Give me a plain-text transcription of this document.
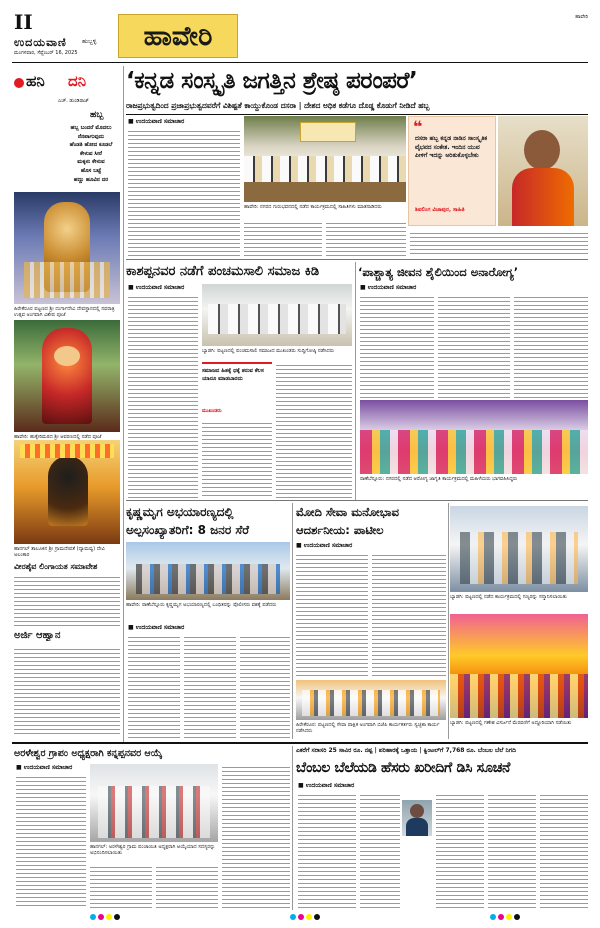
II
ಉದಯವಾಣಿ	ಹುಬ್ಬಳ್ಳಿ
ಮಂಗಳವಾರ, ಸೆಪ್ಟೆಂಬರ್ 16, 2025
ಹಾವೇರಿ
ಹಾವೇರಿ
ಹನಿ ದನಿ
ಎಚ್. ಡುಂಡಿರಾಜ್
ಹಬ್ಬ
ಹಬ್ಬ ಬಂದರೆ ಮೊದಲು
ನೆನಪಾಗುವುದು
ಹೆಂಡತಿ ಹೋದ ಕೂಡಲೆ
ಕೇಳುವ ಸೀರೆ
ಮಕ್ಕಳು ಕೇಳುವ
ಹೊಸ ಬಟ್ಟೆ
ಹಣ್ಣು ಹೂವಿನ ದರ
ಹಿರೇಕೆರೂರ ಪಟ್ಟಣದ ಶ್ರೀ ದುರ್ಗಾದೇವಿ ದೇವಸ್ಥಾನದಲ್ಲಿ ನವರಾತ್ರಿ ಉತ್ಸವ ಅಂಗವಾಗಿ ವಿಶೇಷ ಪೂಜೆ
ಹಾವೇರಿ: ಹುಕ್ಕೇರಿಮಠದ ಶ್ರೀ ಆವರಣದಲ್ಲಿ ನಡೆದ ಪೂಜೆ
ಹಾನಗಲ್ ತಾಲೂಕಿನ ಶ್ರೀ ಗ್ರಾಮದೇವತೆ (ದ್ಯಾಮವ್ವ) ದೇವಿ ಅಲಂಕಾರ
ವೀರಶೈವ ಲಿಂಗಾಯತ ಸಮಾವೇಶ
ಅರ್ಜಿ ಆಹ್ವಾನ
‘ಕನ್ನಡ ಸಂಸ್ಕೃತಿ ಜಗತ್ತಿನ ಶ್ರೇಷ್ಠ ಪರಂಪರೆ’
ರಾಜಪ್ರಭುತ್ವದಿಂದ ಪ್ರಜಾಪ್ರಭುತ್ವದವರೆಗೆ ವಿಶಿಷ್ಟತೆ ಕಾಯ್ದುಕೊಂಡ ದಸರಾ | ದೇಶದ ಅಧಿಕ ಕಡೆಗೂ ದೊಡ್ಡ ಕೊಡುಗೆ ನೀಡಿದೆ ಹಬ್ಬ
■ ಉದಯವಾಣಿ ಸಮಾಚಾರ
ಹಾವೇರಿ: ನಗರದ ಗುರುಭವನದಲ್ಲಿ ನಡೆದ ಕಾರ್ಯಕ್ರಮದಲ್ಲಿ ಸಾಹಿತಿಗಳು ಮಾತನಾಡಿದರು
❝
ದಸರಾ ಹಬ್ಬ ಕನ್ನಡ ನಾಡಿನ ಸಾಂಸ್ಕೃತಿಕ ವೈಭವದ ಸಂಕೇತ. ಇಂದಿನ ಯುವ ಪೀಳಿಗೆ ಇದನ್ನು ಅರಿತುಕೊಳ್ಳಬೇಕು
ಶಿವಲಿಂಗ ವಿಜಾಪುರ, ಸಾಹಿತಿ
ಕಾಶಪ್ಪನವರ ನಡೆಗೆ ಪಂಚಮಸಾಲಿ ಸಮಾಜ ಕಿಡಿ
■ ಉದಯವಾಣಿ ಸಮಾಚಾರ
ಬ್ಯಾಡಗಿ: ಪಟ್ಟಣದಲ್ಲಿ ಪಂಚಮಸಾಲಿ ಸಮಾಜದ ಮುಖಂಡರು ಸುದ್ದಿಗೋಷ್ಠಿ ನಡೆಸಿದರು
ಸಮಾಜದ ಹಿತಕ್ಕೆ ಧಕ್ಕೆ ತರುವ ಕೆಲಸ ಯಾರೂ ಮಾಡಬಾರದು
ಮುಖಂಡರು
‘ಪಾಶ್ಚಾತ್ಯ ಜೀವನ ಶೈಲಿಯಿಂದ ಅನಾರೋಗ್ಯ’
■ ಉದಯವಾಣಿ ಸಮಾಚಾರ
ರಾಣೆಬೆನ್ನೂರು: ನಗರದಲ್ಲಿ ನಡೆದ ಆರೋಗ್ಯ ಜಾಗೃತಿ ಕಾರ್ಯಕ್ರಮದಲ್ಲಿ ಮಹಿಳೆಯರು ಭಾಗವಹಿಸಿದ್ದರು
ಕೃಷ್ಣಮೃಗ ಅಭಯಾರಣ್ಯದಲ್ಲಿ
ಅಲ್ಪಸಂಖ್ಯಾತರಿಗೆ: 8 ಜನರ ಸೆರೆ
ಹಾವೇರಿ: ರಾಣೆಬೆನ್ನೂರು ಕೃಷ್ಣಮೃಗ ಅಭಯಾರಣ್ಯದಲ್ಲಿ ಬಂಧಿತರನ್ನು ಪೊಲೀಸರು ವಶಕ್ಕೆ ಪಡೆದರು
■ ಉದಯವಾಣಿ ಸಮಾಚಾರ
ಮೋದಿ ಸೇವಾ ಮನೋಭಾವ
ಆದರ್ಶನೀಯ: ಪಾಟೀಲ
■ ಉದಯವಾಣಿ ಸಮಾಚಾರ
ಹಿರೇಕೆರೂರ: ಪಟ್ಟಣದಲ್ಲಿ ಸೇವಾ ಪಾಕ್ಷಿಕ ಅಂಗವಾಗಿ ಬಿಜೆಪಿ ಕಾರ್ಯಕರ್ತರು ಸ್ವಚ್ಛತಾ ಕಾರ್ಯ ನಡೆಸಿದರು
ಬ್ಯಾಡಗಿ: ಪಟ್ಟಣದಲ್ಲಿ ನಡೆದ ಕಾರ್ಯಕ್ರಮದಲ್ಲಿ ಗಣ್ಯರನ್ನು ಸನ್ಮಾನಿಸಲಾಯಿತು
ಬ್ಯಾಡಗಿ: ಪಟ್ಟಣದಲ್ಲಿ ಗಣೇಶ ವಿಸರ್ಜನೆ ಮೆರವಣಿಗೆ ಅದ್ಧೂರಿಯಾಗಿ ನಡೆಯಿತು
ಅರಳೇಶ್ವರ ಗ್ರಾಪಂ ಅಧ್ಯಕ್ಷರಾಗಿ ಕನ್ನಪ್ಪನವರ ಆಯ್ಕೆ
■ ಉದಯವಾಣಿ ಸಮಾಚಾರ
ಹಾನಗಲ್: ಅರಳೇಶ್ವರ ಗ್ರಾಮ ಪಂಚಾಯಿತಿ ಅಧ್ಯಕ್ಷರಾಗಿ ಆಯ್ಕೆಯಾದ ಸದಸ್ಯರನ್ನು ಅಭಿನಂದಿಸಲಾಯಿತು
ಎಕರೆಗೆ ಸರಾಸರಿ 25 ಸಾವಿರ ರೂ. ನಷ್ಟ | ಪರಿಹಾರಕ್ಕೆ ಒತ್ತಾಯ | ಕ್ವಿಂಟಲ್‌ಗೆ 7,768 ರೂ. ಬೆಂಬಲ ಬೆಲೆ ನಿಗದಿ
ಬೆಂಬಲ ಬೆಲೆಯಡಿ ಹೆಸರು ಖರೀದಿಗೆ ಡಿಸಿ ಸೂಚನೆ
■ ಉದಯವಾಣಿ ಸಮಾಚಾರ
